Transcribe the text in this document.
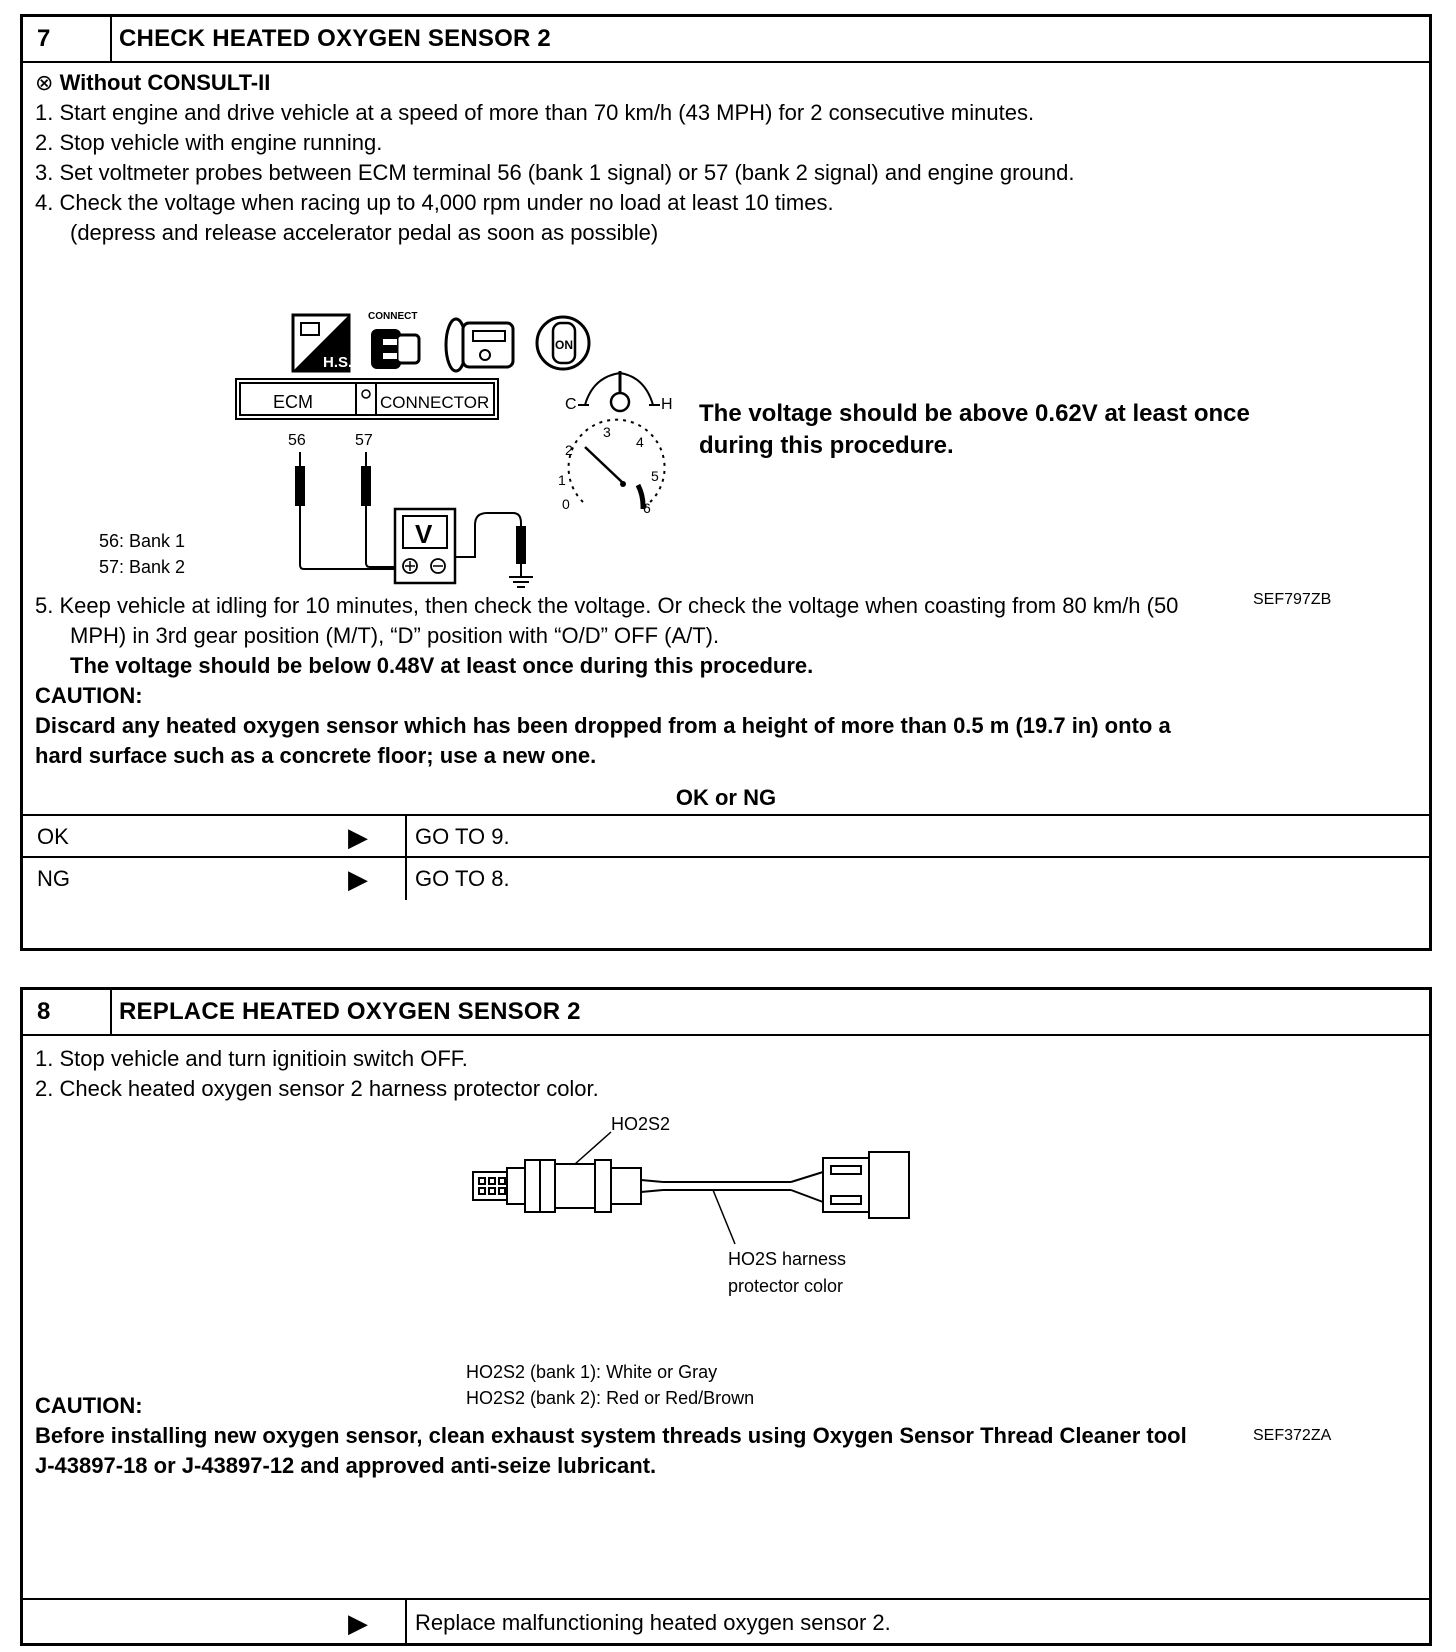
7	CHECK HEATED OXYGEN SENSOR 2
⊗ Without CONSULT-II
1. Start engine and drive vehicle at a speed of more than 70 km/h (43 MPH) for 2 consecutive minutes.
2. Stop vehicle with engine running.
3. Set voltmeter probes between ECM terminal 56 (bank 1 signal) or 57 (bank 2 signal) and engine ground.
4. Check the voltage when racing up to 4,000 rpm under no load at least 10 times.
(depress and release accelerator pedal as soon as possible)
H.S.
CONNECT
ON
ECM	CONNECTOR
56	57
V
56: Bank 1
57: Bank 2
C	H
0
1
2
3
4
5
6
The voltage should be above 0.62V at least once
during this procedure.
SEF797ZB
5. Keep vehicle at idling for 10 minutes, then check the voltage. Or check the voltage when coasting from 80 km/h (50
MPH) in 3rd gear position (M/T), “D” position with “O/D” OFF (A/T).
The voltage should be below 0.48V at least once during this procedure.
CAUTION:
Discard any heated oxygen sensor which has been dropped from a height of more than 0.5 m (19.7 in) onto a
hard surface such as a concrete floor; use a new one.
OK or NG
OK	▶ GO TO 9.
NG	▶ GO TO 8.
8	REPLACE HEATED OXYGEN SENSOR 2
1. Stop vehicle and turn ignitioin switch OFF.
2. Check heated oxygen sensor 2 harness protector color.
HO2S2
HO2S harness
protector color
HO2S2 (bank 1): White or Gray
HO2S2 (bank 2): Red or Red/Brown
SEF372ZA
CAUTION:
Before installing new oxygen sensor, clean exhaust system threads using Oxygen Sensor Thread Cleaner tool
J-43897-18 or J-43897-12 and approved anti-seize lubricant.
▶ Replace malfunctioning heated oxygen sensor 2.
